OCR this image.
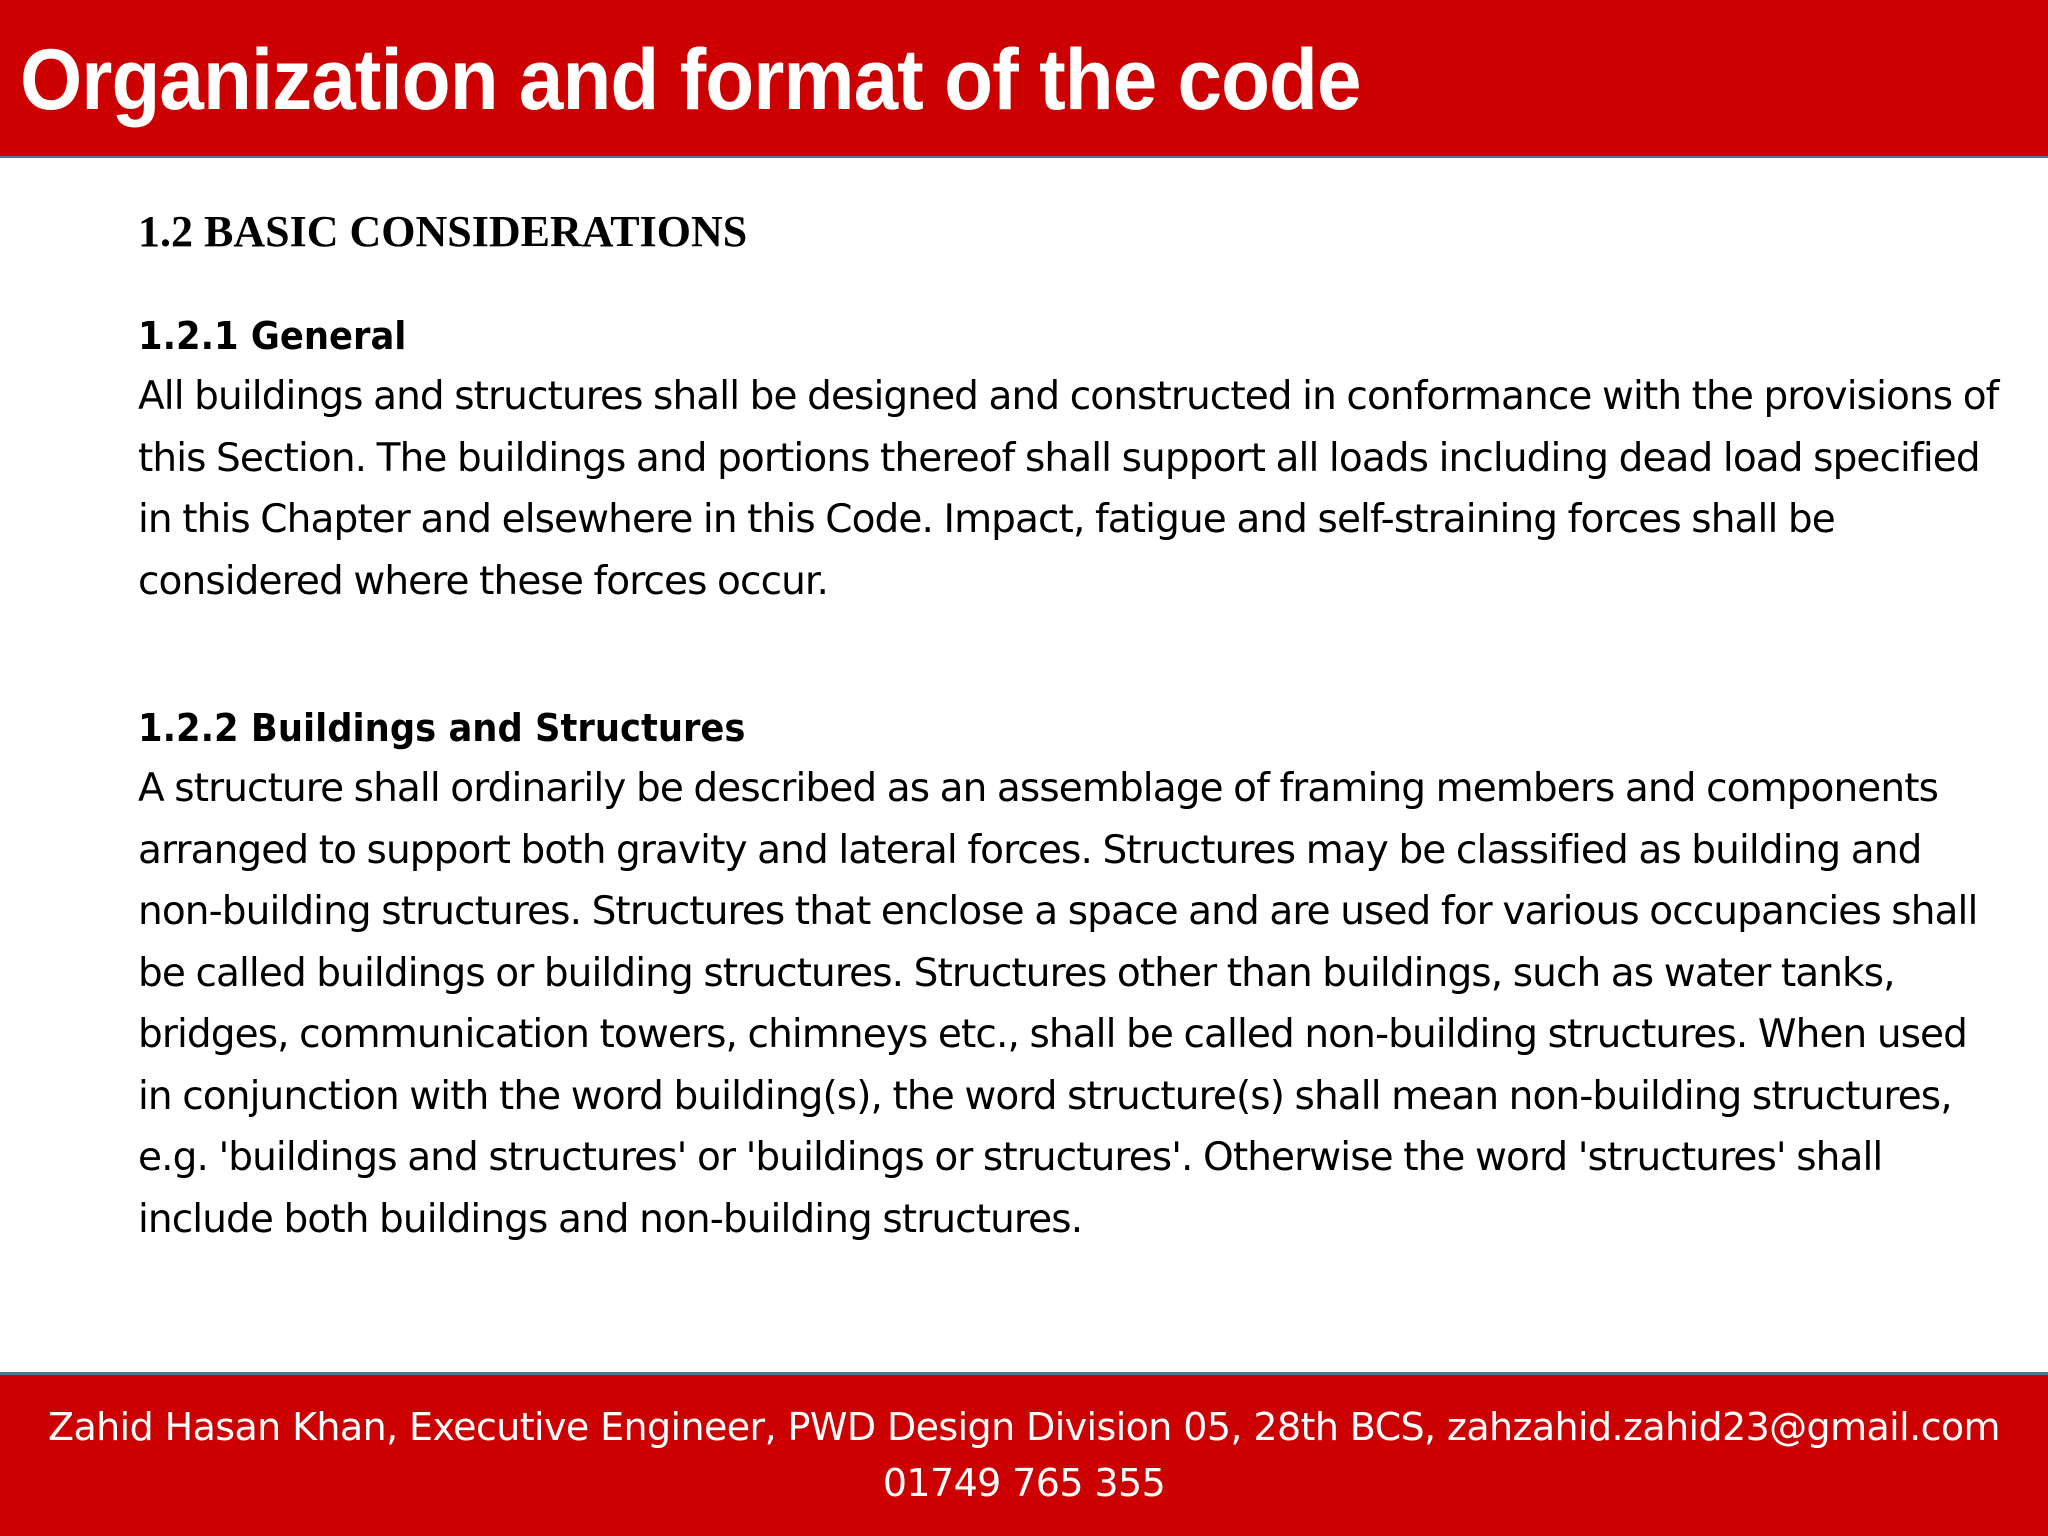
Organization and format of the code
1.2 BASIC CONSIDERATIONS
1.2.1 General

All buildings and structures shall be designed and constructed in conformance with the provisions of this Section. The buildings and portions thereof shall support all loads including dead load specified in this Chapter and elsewhere in this Code. Impact, fatigue and self-straining forces shall be considered where these forces occur.

1.2.2 Buildings and Structures

A structure shall ordinarily be described as an assemblage of framing members and components arranged to support both gravity and lateral forces. Structures may be classified as building and non-building structures. Structures that enclose a space and are used for various occupancies shall be called buildings or building structures. Structures other than buildings, such as water tanks, bridges, communication towers, chimneys etc., shall be called non-building structures. When used in conjunction with the word building(s), the word structure(s) shall mean non-building structures, e.g. 'buildings and structures' or 'buildings or structures'. Otherwise the word 'structures' shall include both buildings and non-building structures.

Zahid Hasan Khan, Executive Engineer, PWD Design Division 05, 28th BCS, zahzahid.zahid23@gmail.com
01749 765 355
